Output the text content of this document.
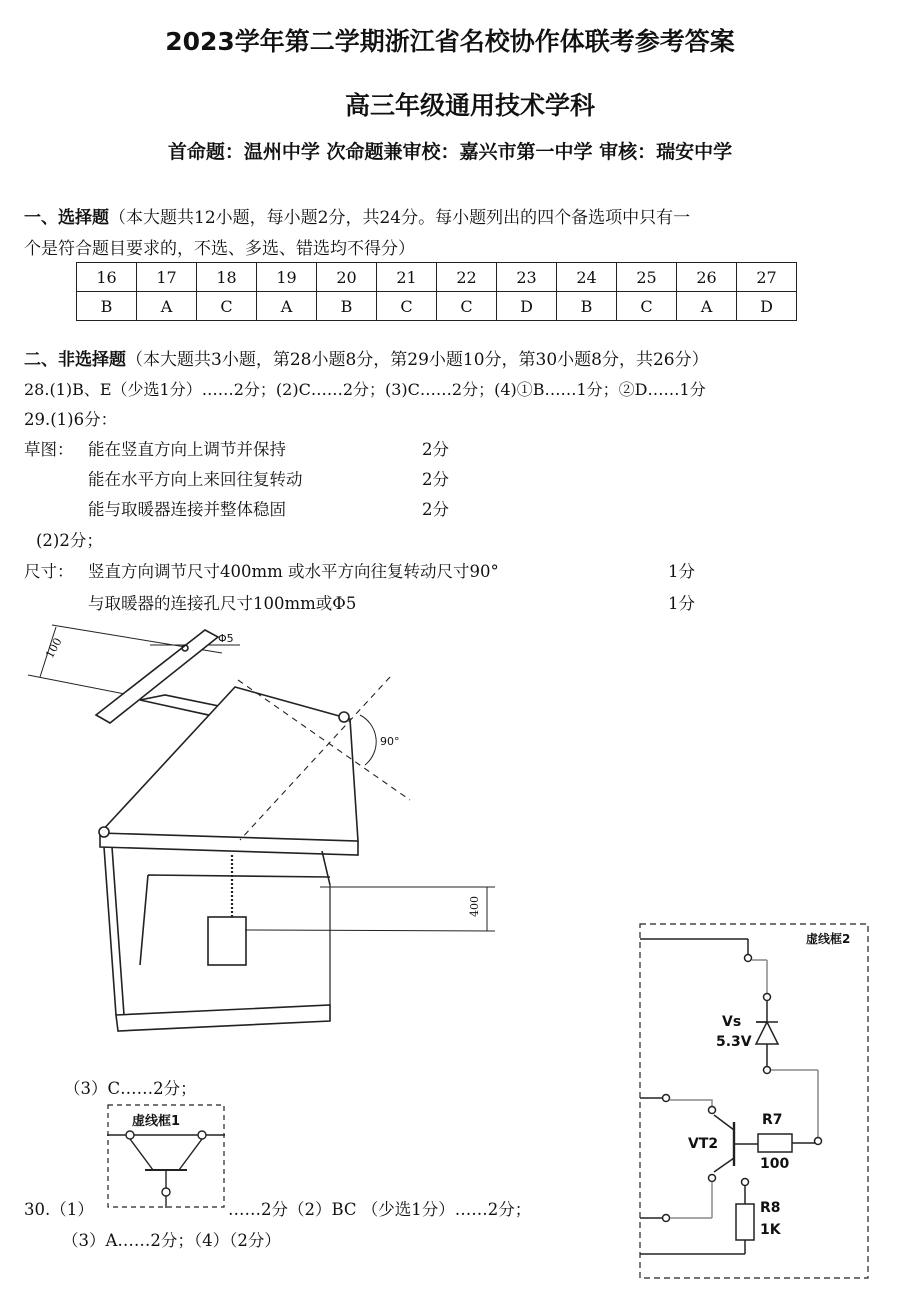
2023学年第二学期浙江省名校协作体联考参考答案
高三年级通用技术学科
首命题：温州中学 次命题兼审校：嘉兴市第一中学 审核：瑞安中学
一、选择题（本大题共12小题，每小题2分，共24分。每小题列出的四个备选项中只有一
个是符合题目要求的，不选、多选、错选均不得分）
16	17	18	19	20	21	22	23	24	25	26	27
B	A	C	A	B	C	C	D	B	C	A	D
二、非选择题（本大题共3小题，第28小题8分，第29小题10分，第30小题8分，共26分）
28.(1)B、E（少选1分）……2分；(2)C……2分；(3)C……2分；(4)①B……1分；②D……1分
29.(1)6分：
草图： 能在竖直方向上调节并保持	2分
能在水平方向上来回往复转动	2分
能与取暖器连接并整体稳固	2分
(2)2分；
尺寸： 竖直方向调节尺寸400mm 或水平方向往复转动尺寸90°	1分
与取暖器的连接孔尺寸100mm或Φ5	1分
100	Φ5
90°
400
（3）C……2分；
虚线框1
30.（1）	……2分（2）BC （少选1分）……2分；
（3）A……2分；（4）（2分）
虚线框2
Vs
5.3V
R7
100
VT2
R8
1K
